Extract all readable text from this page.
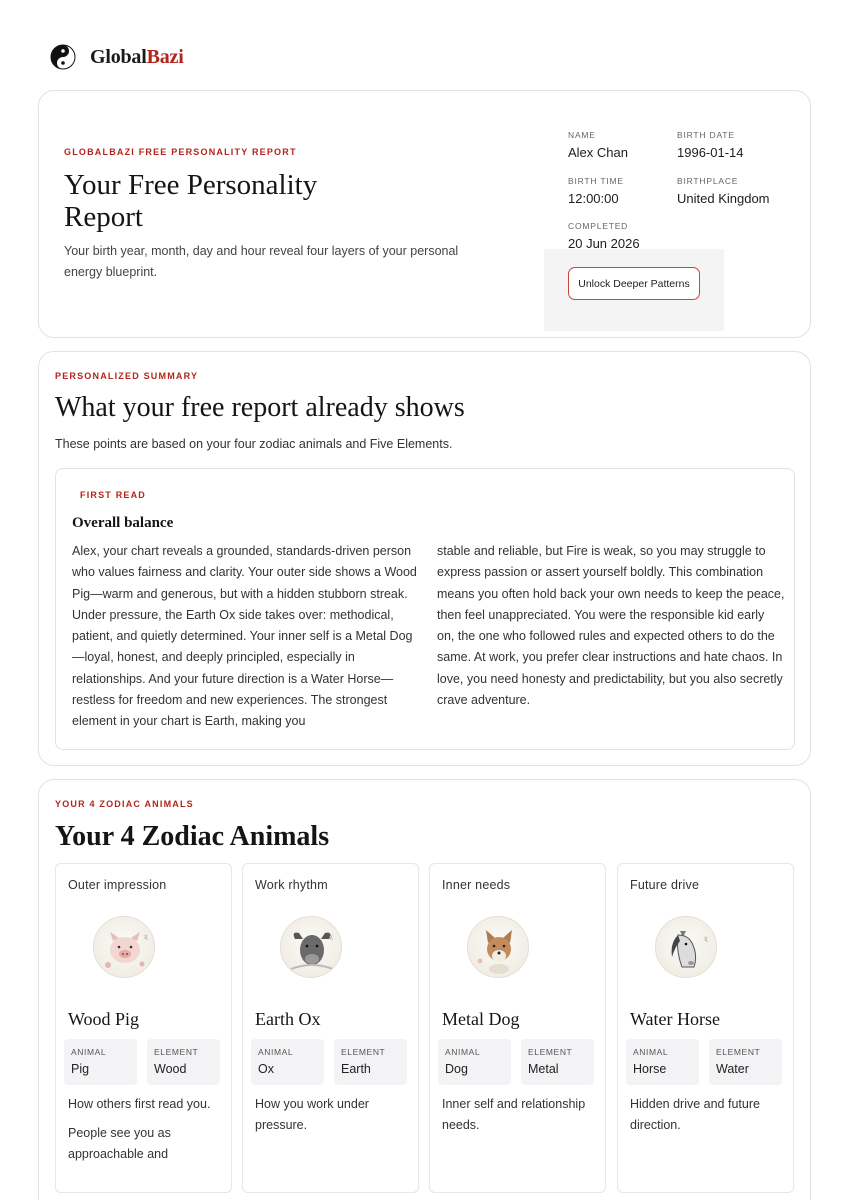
GlobalBazi
GLOBALBAZI FREE PERSONALITY REPORT
Your Free Personality Report

Your birth year, month, day and hour reveal four layers of your personal energy blueprint.

NAME
Alex Chan
BIRTH DATE
1996-01-14
BIRTH TIME
12:00:00
BIRTHPLACE
United Kingdom
COMPLETED
20 Jun 2026
Unlock Deeper Patterns
PERSONALIZED SUMMARY
What your free report already shows

These points are based on your four zodiac animals and Five Elements.

FIRST READ
Overall balance

Alex, your chart reveals a grounded, standards-driven person who values fairness and clarity. Your outer side shows a Wood Pig—warm and generous, but with a hidden stubborn streak. Under pressure, the Earth Ox side takes over: methodical, patient, and quietly determined. Your inner self is a Metal Dog—loyal, honest, and deeply principled, especially in relationships. And your future direction is a Water Horse—restless for freedom and new experiences. The strongest element in your chart is Earth, making you

stable and reliable, but Fire is weak, so you may struggle to express passion or assert yourself boldly. This combination means you often hold back your own needs to keep the peace, then feel unappreciated. You were the responsible kid early on, the one who followed rules and expected others to do the same. At work, you prefer clear instructions and hate chaos. In love, you need honesty and predictability, but you also secretly crave adventure.

YOUR 4 ZODIAC ANIMALS
Your 4 Zodiac Animals
Outer impression
文
Wood Pig
ANIMAL
Pig
ELEMENT
Wood
How others first read you.
People see you as approachable and
Work rhythm
文
Earth Ox
ANIMAL
Ox
ELEMENT
Earth
How you work under pressure.
Inner needs
Metal Dog
ANIMAL
Dog
ELEMENT
Metal
Inner self and relationship needs.
Future drive
文
Water Horse
ANIMAL
Horse
ELEMENT
Water
Hidden drive and future direction.
